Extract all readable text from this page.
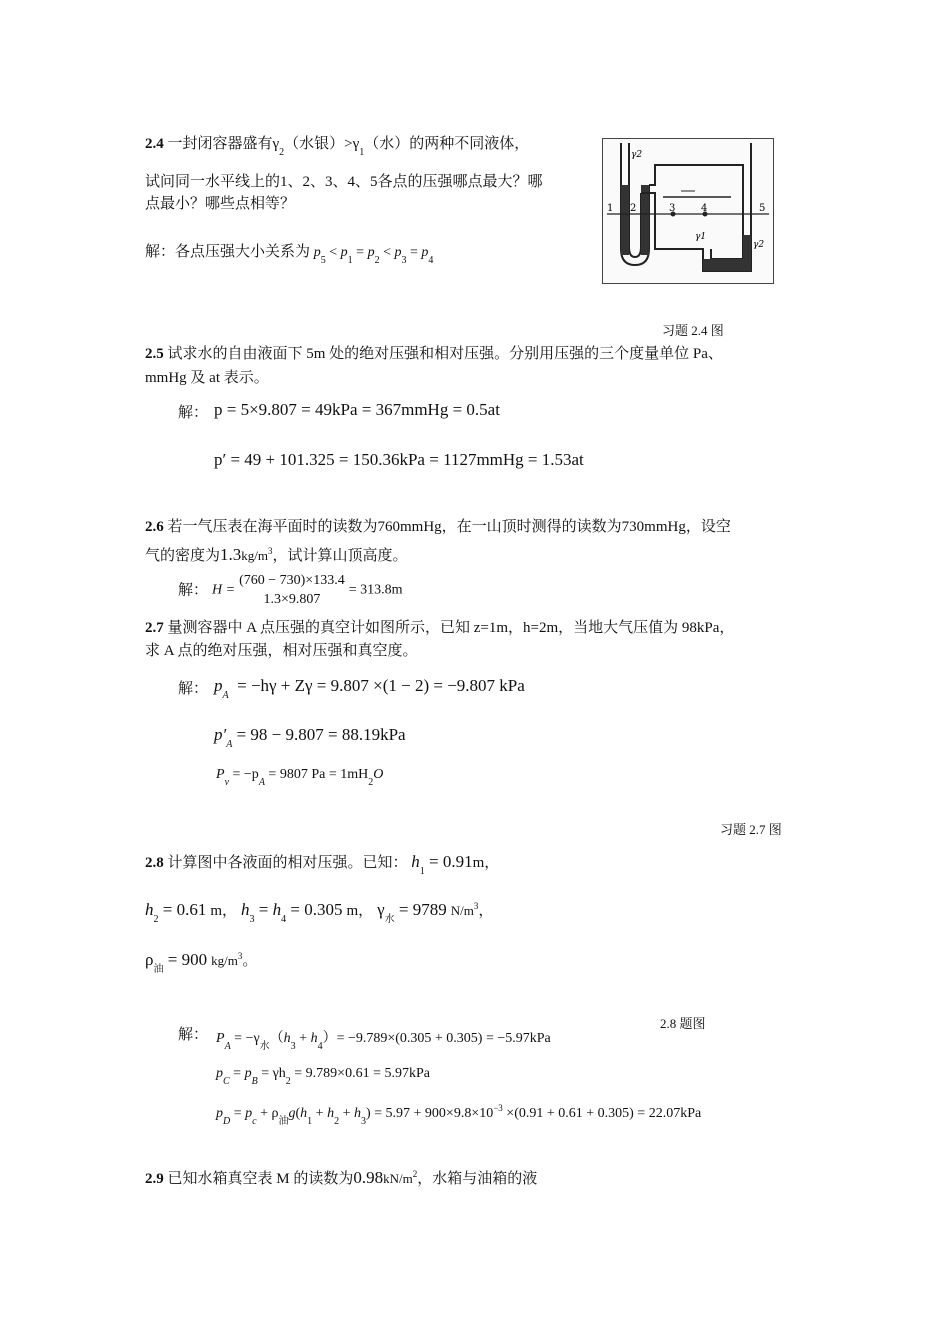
2.4 一封闭容器盛有$\gamma_2$（水银）$>\gamma_1$（水）的两种不同液体，
试问同一水平线上的1、2、3、4、5各点的压强哪点最大？哪
点最小？哪些点相等？
解：各点压强大小关系为 $p_5 < p_1 = p_2 < p_3 = p_4$
γ2
1 2	3	4	5
γ1
γ2
习题 2.4 图
2.5 试求水的自由液面下 5m 处的绝对压强和相对压强。分别用压强的三个度量单位 Pa、
mmHg 及 at 表示。
解： p = 5×9.807 = 49kPa = 367mmHg = 0.5at
p′ = 49 + 101.325 = 150.36kPa = 1127mmHg = 1.53at
2.6 若一气压表在海平面时的读数为760mmHg，在一山顶时测得的读数为730mmHg，设空
气的密度为$1.3kg/m^3$，试计算山顶高度。
解： $H = \frac{(760 - 730)\times 133.4}{1.3\times 9.807} = 313.8m$
2.7 量测容器中 A 点压强的真空计如图所示，已知 z=1m，h=2m，当地大气压值为 98kPa，
求 A 点的绝对压强，相对压强和真空度。
解： $p_A = -h\gamma + Z\gamma = 9.807 \times(1 - 2) = -9.807$ kPa
$p'_A = 98 - 9.807 = 88.19kPa$
$P_v = -p_A = 9807$ $Pa = 1mH_2O$
习题 2.7 图
2.8 计算图中各液面的相对压强。已知： $h_1 = 0.91m$，
$h_2 = 0.61$ m， $h_3 = h_4 = 0.305$ m， $\gamma_水 = 9789$ $N/m^3$，
$\rho_油 = 900$ $kg/m^3$。
2.8 题图
解： $P_A = -\gamma_水(h_3 + h_4)= -9.789\times(0.305 + 0.305) = -5.97kPa$
$p_C = p_B = \gamma h_2 = 9.789\times 0.61 = 5.97kPa$
$p_D = p_c + \rho_油g(h_1 + h_2 + h_3) = 5.97 + 900\times 9.8\times 10^{-3} \times(0.91 + 0.61 + 0.305) = 22.07kPa$
2.9 已知水箱真空表 M 的读数为$0.98kN/m^2$，水箱与油箱的液
